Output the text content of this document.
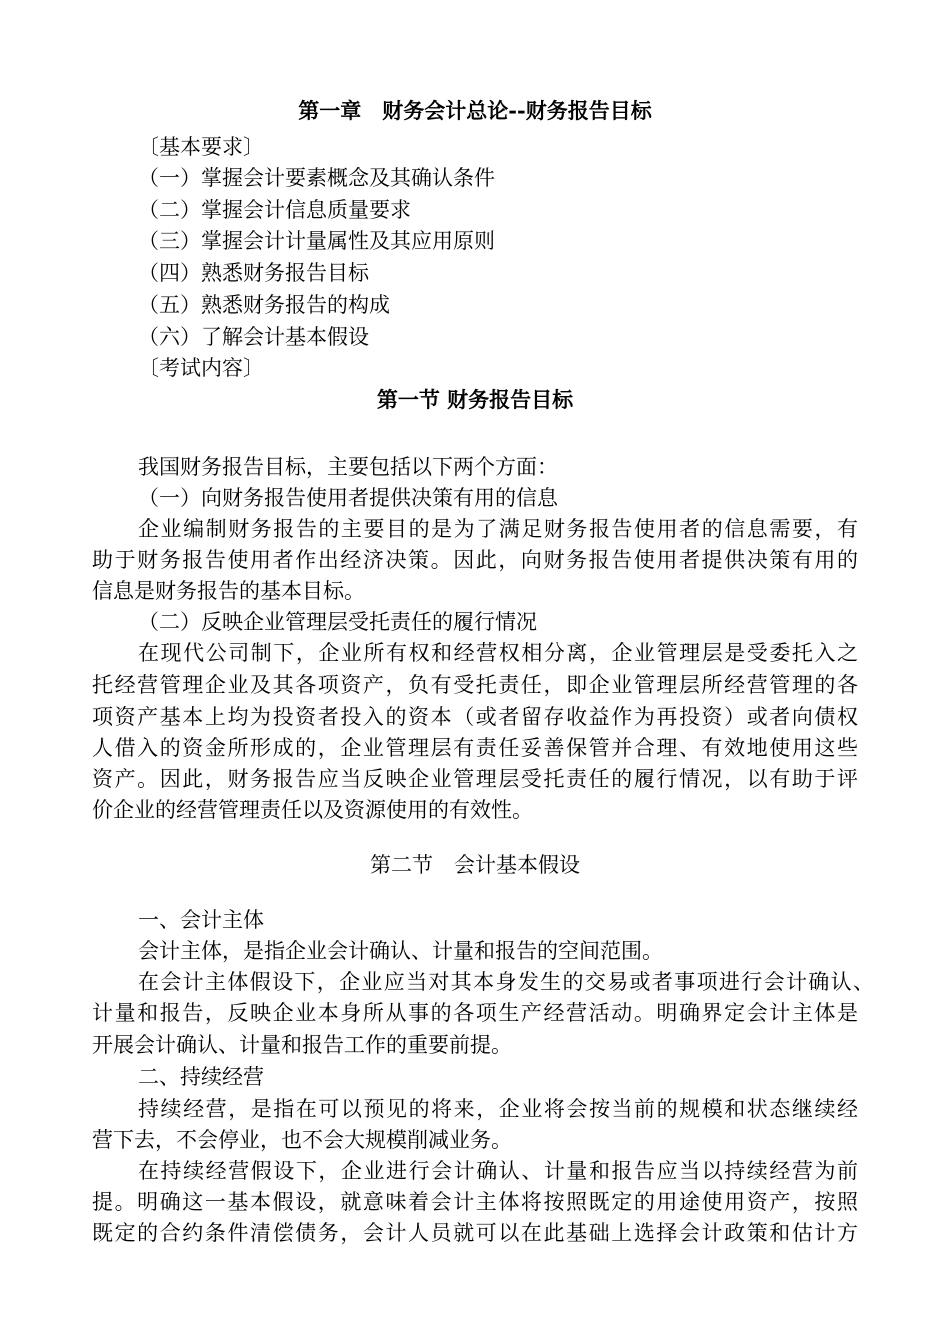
第一章　财务会计总论--财务报告目标
〔基本要求〕
（一）掌握会计要素概念及其确认条件
（二）掌握会计信息质量要求
（三）掌握会计计量属性及其应用原则
（四）熟悉财务报告目标
（五）熟悉财务报告的构成
（六）了解会计基本假设
〔考试内容〕
第一节 财务报告目标
我国财务报告目标，主要包括以下两个方面：
（一）向财务报告使用者提供决策有用的信息
企业编制财务报告的主要目的是为了满足财务报告使用者的信息需要，有
助于财务报告使用者作出经济决策。因此，向财务报告使用者提供决策有用的
信息是财务报告的基本目标。
（二）反映企业管理层受托责任的履行情况
在现代公司制下，企业所有权和经营权相分离，企业管理层是受委托入之
托经营管理企业及其各项资产，负有受托责任，即企业管理层所经营管理的各
项资产基本上均为投资者投入的资本（或者留存收益作为再投资）或者向债权
人借入的资金所形成的，企业管理层有责任妥善保管并合理、有效地使用这些
资产。因此，财务报告应当反映企业管理层受托责任的履行情况，以有助于评
价企业的经营管理责任以及资源使用的有效性。
第二节　会计基本假设
一、会计主体
会计主体，是指企业会计确认、计量和报告的空间范围。
在会计主体假设下，企业应当对其本身发生的交易或者事项进行会计确认、
计量和报告，反映企业本身所从事的各项生产经营活动。明确界定会计主体是
开展会计确认、计量和报告工作的重要前提。
二、持续经营
持续经营，是指在可以预见的将来，企业将会按当前的规模和状态继续经
营下去，不会停业，也不会大规模削减业务。
在持续经营假设下，企业进行会计确认、计量和报告应当以持续经营为前
提。明确这一基本假设，就意味着会计主体将按照既定的用途使用资产，按照
既定的合约条件清偿债务，会计人员就可以在此基础上选择会计政策和估计方
